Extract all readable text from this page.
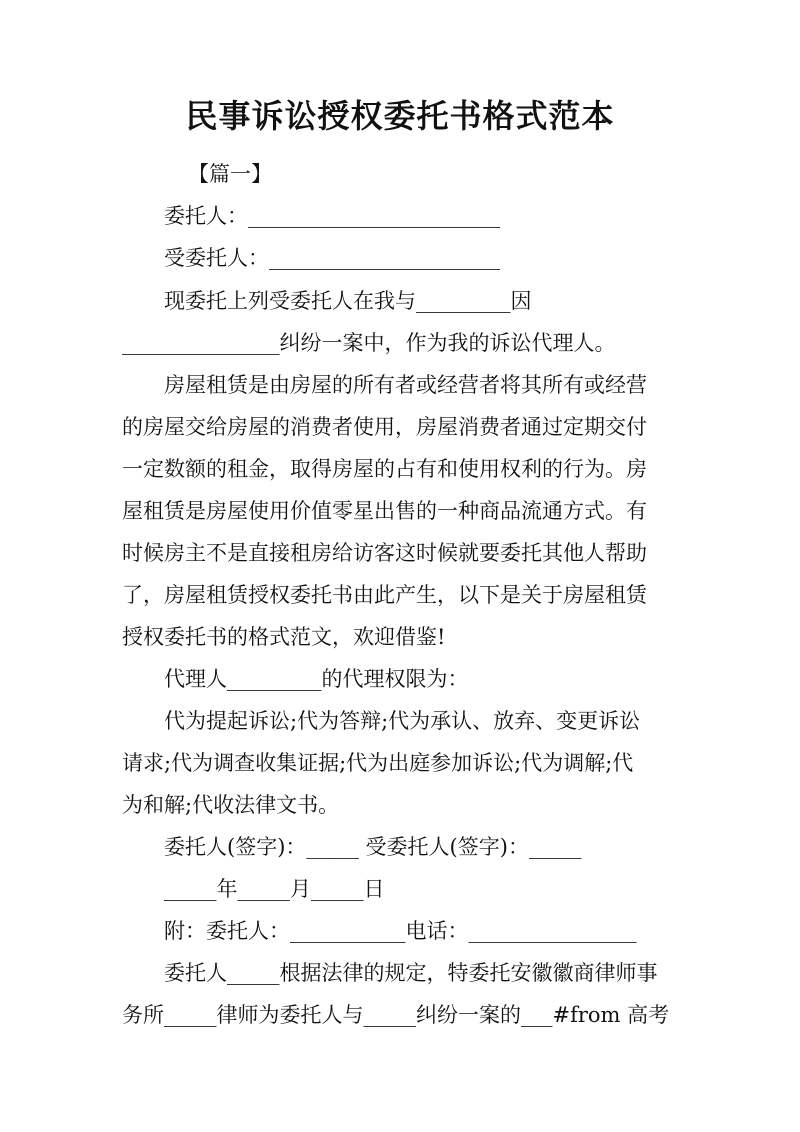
民事诉讼授权委托书格式范本
【篇一】
委托人：________________________
受委托人：______________________
现委托上列受委托人在我与_________因
_______________纠纷一案中，作为我的诉讼代理人。
房屋租赁是由房屋的所有者或经营者将其所有或经营
的房屋交给房屋的消费者使用，房屋消费者通过定期交付
一定数额的租金，取得房屋的占有和使用权利的行为。房
屋租赁是房屋使用价值零星出售的一种商品流通方式。有
时候房主不是直接租房给访客这时候就要委托其他人帮助
了，房屋租赁授权委托书由此产生，以下是关于房屋租赁
授权委托书的格式范文，欢迎借鉴!
代理人_________的代理权限为：
代为提起诉讼;代为答辩;代为承认、放弃、变更诉讼
请求;代为调查收集证据;代为出庭参加诉讼;代为调解;代
为和解;代收法律文书。
委托人(签字)：_____ 受委托人(签字)：_____
_____年_____月_____日
附：委托人：___________电话：________________
委托人_____根据法律的规定，特委托安徽徽商律师事
务所_____律师为委托人与_____纠纷一案的___#from 高考
